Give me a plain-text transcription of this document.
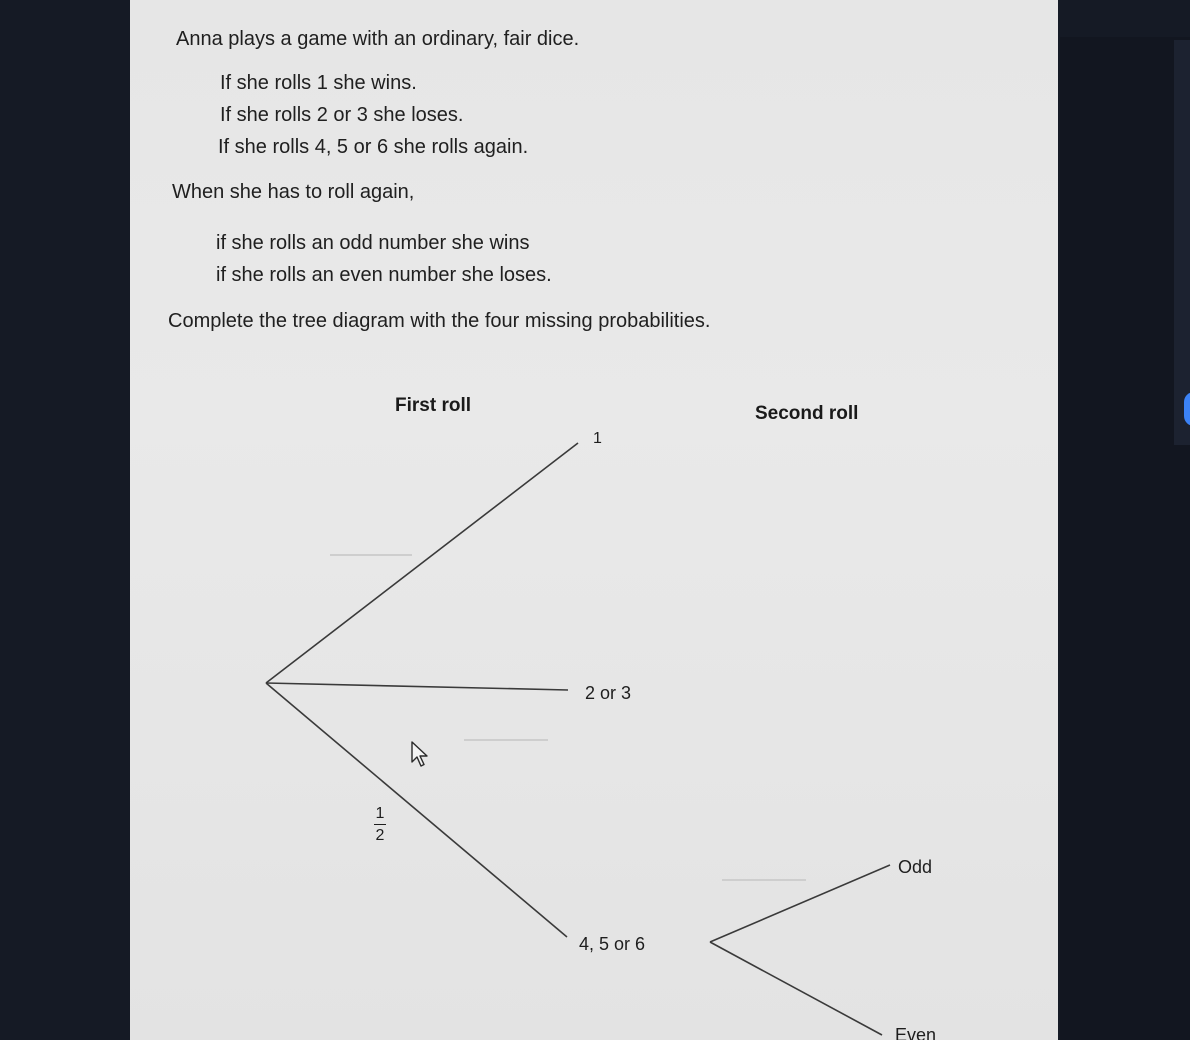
Anna plays a game with an ordinary, fair dice.

If she rolls 1 she wins.

If she rolls 2 or 3 she loses.

If she rolls 4, 5 or 6 she rolls again.

When she has to roll again,

if she rolls an odd number she wins

if she rolls an even number she loses.

Complete the tree diagram with the four missing probabilities.

First roll	Second roll

1
2 or 3
4, 5 or 6
Odd
Even
1
2
